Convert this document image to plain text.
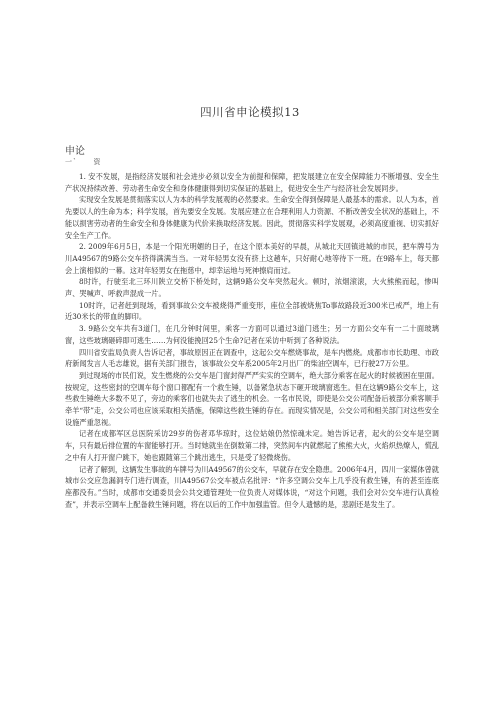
四川省申论模拟13
申论
一` 资

1. 安不发展，是指经济发展和社会进步必须以安全为前提和保障，把发展建立在安全保障能力不断增强、安全生产状况持续改善、劳动者生命安全和身体健康得到切实保证的基础上，促进安全生产与经济社会发展同步。

实现安全发展是贯彻落实以人为本的科学发展观的必然要求。生命安全得到保障是人最基本的需求。以人为本，首先要以人的生命为本；科学发展，首先要安全发展。发展应建立在合理利用人力资源、不断改善安全状况的基础上，不能以损害劳动者的生命安全和身体健康为代价来换取经济发展。因此，贯彻落实科学发展观，必须高度重视、切实抓好安全生产工作。

2. 2009年6月5日，本是一个阳光明媚的日子，在这个原本美好的早晨，从城北天回镇进城的市民，把车牌号为川A49567的9路公交车挤得满满当当。一对年轻男女没有挤上这趟车，只好耐心地等待下一班。在9路车上，每天都会上演相似的一幕。这对年轻男女在拖慈中，却幸运地与死神擦肩而过。

8时许，行驶至北三环川陕立交桥下桥处时，这辆9路公交车突然起火。顿时，浓烟滚滚，大火熊熊而起，惨叫声、哭喊声、呼救声混成一片。

10时许，记者赶到现场，看到事故公交车被烧得严重变形，座位全部被烧焦To事故路段近300米已戒严，地上有近30米长的带血的脚印。

3. 9路公交车共有3道门，在几分钟时间里，乘客一方面可以通过3道门逃生；另一方面公交车有一二十面玻璃窗，这些玻璃砸碎即可逃生……为何没能挽回25个生命?记者在采访中听到了各种说法。

四川省安监局负责人告诉记者，事故原因正在调查中，这起公交车燃烧事故，是车内燃烧。成都市市长助理、市政府新闻发言人毛志雄说，据有关部门报告，该事故公交车系2005年2月出厂的柴油空调车，已行驶27万公里。

到过现场的市民们说，发生燃烧的公交车是门窗封得严严实实的空调车，绝大部分乘客在起火的时候被困在里面。按规定，这些密封的空调车每个窗口都配有一个救生锤，以备紧急状态下砸开玻璃窗逃生。但在这辆9路公交车上，这些救生锤绝大多数不见了，旁边的乘客们也就失去了逃生的机会。一名市民说，即使是公交公司配备后被部分乘客顺手牵羊“带”走，公交公司也应该采取相关措施，保障这些救生锤的存在。而现实情况是，公交公司和相关部门对这些安全设施严重忽视。

记者在成都军区总医院采访29岁的伤者邓华琼时，这位姑娘仍然惊魂未定。她告诉记者，起火的公交车是空调车，只有最后排位置的车窗能够打开。当时她就坐在倒数第二排，突然间车内就燃起了熊熊大火，火焰炽热燎人，慌乱之中有人打开窗户跳下，她也跟随第三个跳出逃生，只是受了轻微烧伤。

记者了解到，这辆发生事故的车牌号为川A49567的公交车，早就存在安全隐患。2006年4月，四川一家媒体曾就城市公交应急漏洞专门进行调查，川A49567公交车被点名批评：“许多空调公交车上几乎没有救生锤，有的甚至连底座都没有。”当时，成都市交通委员会公共交通管理处一位负责人对媒体说，“对这个问题，我们会对公交车进行认真检查”，并表示空调车上配备救生锤问题，将在以后的工作中加强监管。但令人遗憾的是，悲剧还是发生了。
